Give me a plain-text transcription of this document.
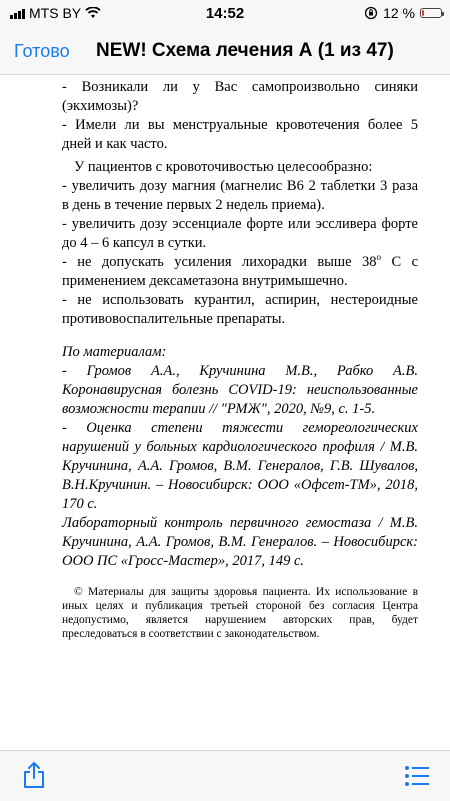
MTS BY	14:52	12 %
Готово NEW! Схема лечения А (1 из 47)

- Возникали ли у Вас самопроизвольно синяки (экхимозы)?

- Имели ли вы менструальные кровотечения более 5 дней и как часто.

У пациентов с кровоточивостью целесообразно:

- увеличить дозу магния (магнелис В6 2 таблетки 3 раза в день в течение первых 2 недель приема).

- увеличить дозу эссенциале форте или эссливера форте до 4 – 6 капсул в сутки.

- не допускать усиления лихорадки выше 38$^o$ С с применением дексаметазона внутримышечно.

- не использовать курантил, аспирин, нестероидные противовоспалительные препараты.

По материалам:

- Громов А.А., Кручинина М.В., Рабко А.В. Коронавирусная болезнь COVID-19: неиспользованные возможности терапии // "РМЖ", 2020, №9, с. 1-5.

- Оценка степени тяжести гемореологических нарушений у больных кардиологического профиля / М.В. Кручинина, А.А. Громов, В.М. Генералов, Г.В. Шувалов, В.Н.Кручинин. – Новосибирск: ООО «Офсет-ТМ», 2018, 170 с.

Лабораторный контроль первичного гемостаза / М.В. Кручинина, А.А. Громов, В.М. Генералов. – Новосибирск: ООО ПС «Гросс-Мастер», 2017, 149 с.

© Материалы для защиты здоровья пациента. Их использование в иных целях и публикация третьей стороной без согласия Центра недопустимо, является нарушением авторских прав, будет преследоваться в соответствии с законодательством.
